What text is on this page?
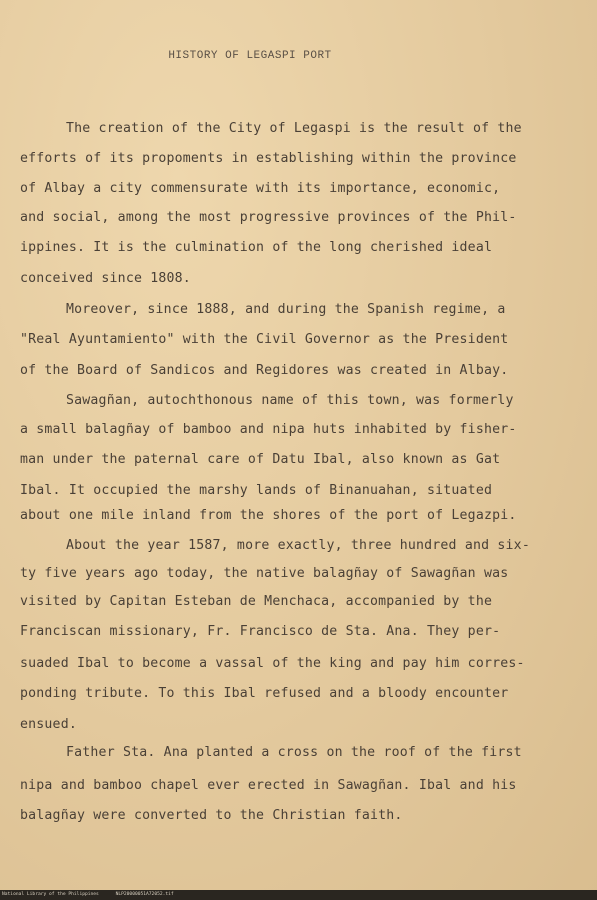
HISTORY OF LEGASPI PORT
The creation of the City of Legaspi is the result of the
efforts of its propoments in establishing within the province
of Albay a city commensurate with its importance, economic,
and social, among the most progressive provinces of the Phil-
ippines. It is the culmination of the long cherished ideal
conceived since 1808.
Moreover, since 1888, and during the Spanish regime, a
"Real Ayuntamiento" with the Civil Governor as the President
of the Board of Sandicos and Regidores was created in Albay.
Sawagñan, autochthonous name of this town, was formerly
a small balagñay of bamboo and nipa huts inhabited by fisher-
man under the paternal care of Datu Ibal, also known as Gat
Ibal. It occupied the marshy lands of Binanuahan, situated
about one mile inland from the shores of the port of Legazpi.
About the year 1587, more exactly, three hundred and six-
ty five years ago today, the native balagñay of Sawagñan was
visited by Capitan Esteban de Menchaca, accompanied by the
Franciscan missionary, Fr. Francisco de Sta. Ana. They per-
suaded Ibal to become a vassal of the king and pay him corres-
ponding tribute. To this Ibal refused and a bloody encounter
ensued.
Father Sta. Ana planted a cross on the roof of the first
nipa and bamboo chapel ever erected in Sawagñan. Ibal and his
balagñay were converted to the Christian faith.
National Library of the Philippines	NLP20000051A72052.tif
